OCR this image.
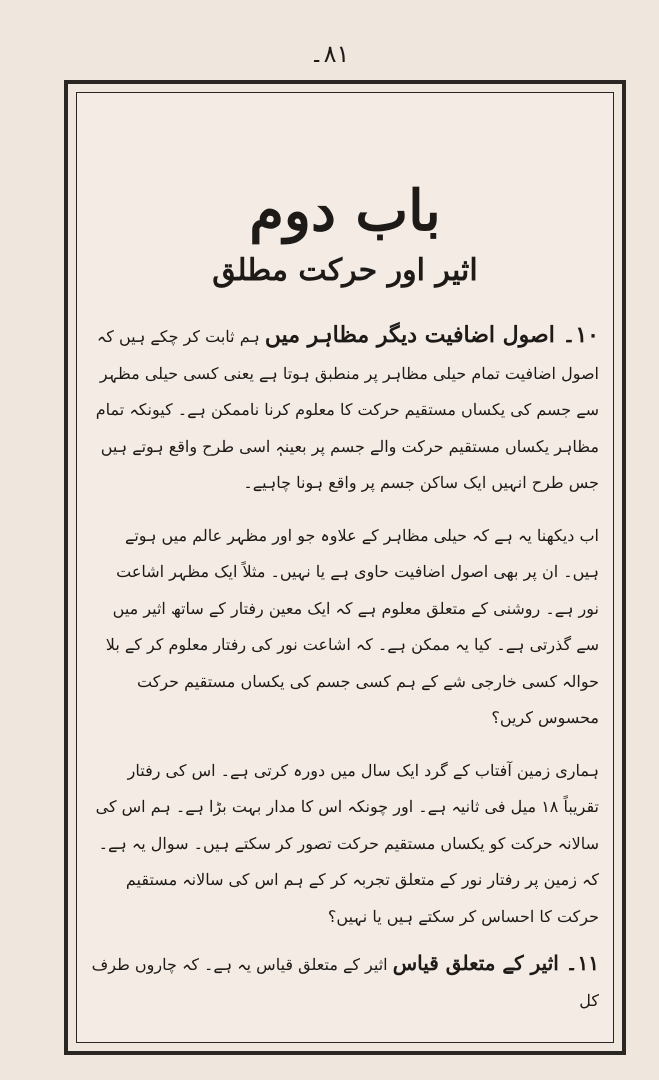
٨١۔
باب دوم
اثیر اور حرکت مطلق

۱۰۔ اصول اضافیت دیگر مظاہر میں ہم ثابت کر چکے ہیں کہ اصول اضافیت تمام حیلی مظاہر پر منطبق ہوتا ہے یعنی کسی حیلی مظہر سے جسم کی یکساں مستقیم حرکت کا معلوم کرنا ناممکن ہے۔ کیونکہ تمام مظاہر یکساں مستقیم حرکت والے جسم پر بعینہٖ اسی طرح واقع ہوتے ہیں جس طرح انہیں ایک ساکن جسم پر واقع ہونا چاہیے۔

اب دیکھنا یہ ہے کہ حیلی مظاہر کے علاوہ جو اور مظہر عالم میں ہوتے ہیں۔ ان پر بھی اصول اضافیت حاوی ہے یا نہیں۔ مثلاً ایک مظہر اشاعت نور ہے۔ روشنی کے متعلق معلوم ہے کہ ایک معین رفتار کے ساتھ اثیر میں سے گذرتی ہے۔ کیا یہ ممکن ہے۔ کہ اشاعت نور کی رفتار معلوم کر کے بلا حوالہ کسی خارجی شے کے ہم کسی جسم کی یکساں مستقیم حرکت محسوس کریں؟

ہماری زمین آفتاب کے گرد ایک سال میں دورہ کرتی ہے۔ اس کی رفتار تقریباً ۱۸ میل فی ثانیہ ہے۔ اور چونکہ اس کا مدار بہت بڑا ہے۔ ہم اس کی سالانہ حرکت کو یکساں مستقیم حرکت تصور کر سکتے ہیں۔ سوال یہ ہے۔ کہ زمین پر رفتار نور کے متعلق تجربہ کر کے ہم اس کی سالانہ مستقیم حرکت کا احساس کر سکتے ہیں یا نہیں؟

۱۱۔ اثیر کے متعلق قیاس اثیر کے متعلق قیاس یہ ہے۔ کہ چاروں طرف کل
